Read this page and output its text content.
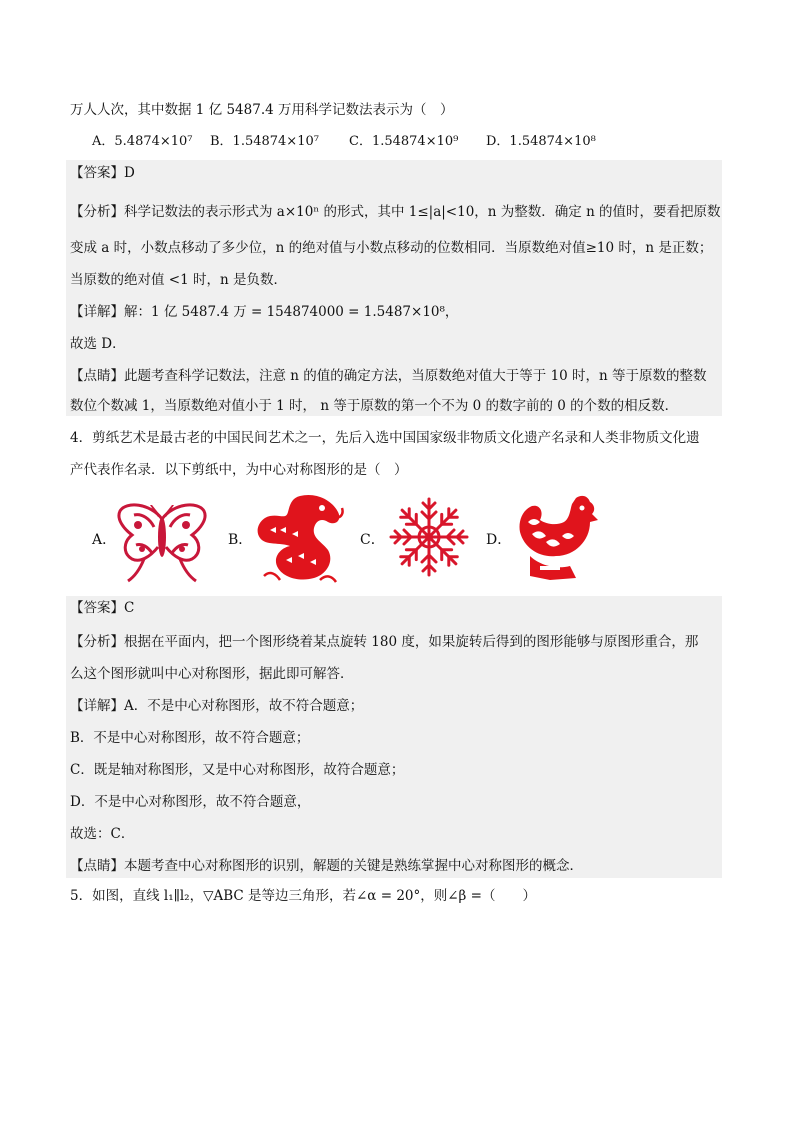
万人人次，其中数据 1 亿 5487.4 万用科学记数法表示为（　）
A．5.4874×10⁷ B．1.54874×10⁷ C．1.54874×10⁹ D．1.54874×10⁸
【答案】D
【分析】科学记数法的表示形式为 a×10ⁿ 的形式，其中 1≤|a|<10，n 为整数．确定 n 的值时，要看把原数
变成 a 时，小数点移动了多少位，n 的绝对值与小数点移动的位数相同．当原数绝对值≥10 时，n 是正数；
当原数的绝对值 <1 时，n 是负数．
【详解】解：1 亿 5487.4 万 = 154874000 = 1.5487×10⁸，
故选 D．
【点睛】此题考查科学记数法，注意 n 的值的确定方法，当原数绝对值大于等于 10 时，n 等于原数的整数
数位个数减 1，当原数绝对值小于 1 时， n 等于原数的第一个不为 0 的数字前的 0 的个数的相反数．
4．剪纸艺术是最古老的中国民间艺术之一，先后入选中国国家级非物质文化遗产名录和人类非物质文化遗
产代表作名录．以下剪纸中，为中心对称图形的是（　）
A．	B．	C．	D．
【答案】C
【分析】根据在平面内，把一个图形绕着某点旋转 180 度，如果旋转后得到的图形能够与原图形重合，那
么这个图形就叫中心对称图形，据此即可解答．
【详解】A．不是中心对称图形，故不符合题意；
B．不是中心对称图形，故不符合题意；
C．既是轴对称图形，又是中心对称图形，故符合题意；
D．不是中心对称图形，故不符合题意，
故选：C．
【点睛】本题考查中心对称图形的识别，解题的关键是熟练掌握中心对称图形的概念．
5．如图，直线 l₁∥l₂，▽ABC 是等边三角形，若∠α = 20°，则∠β =（　　）
